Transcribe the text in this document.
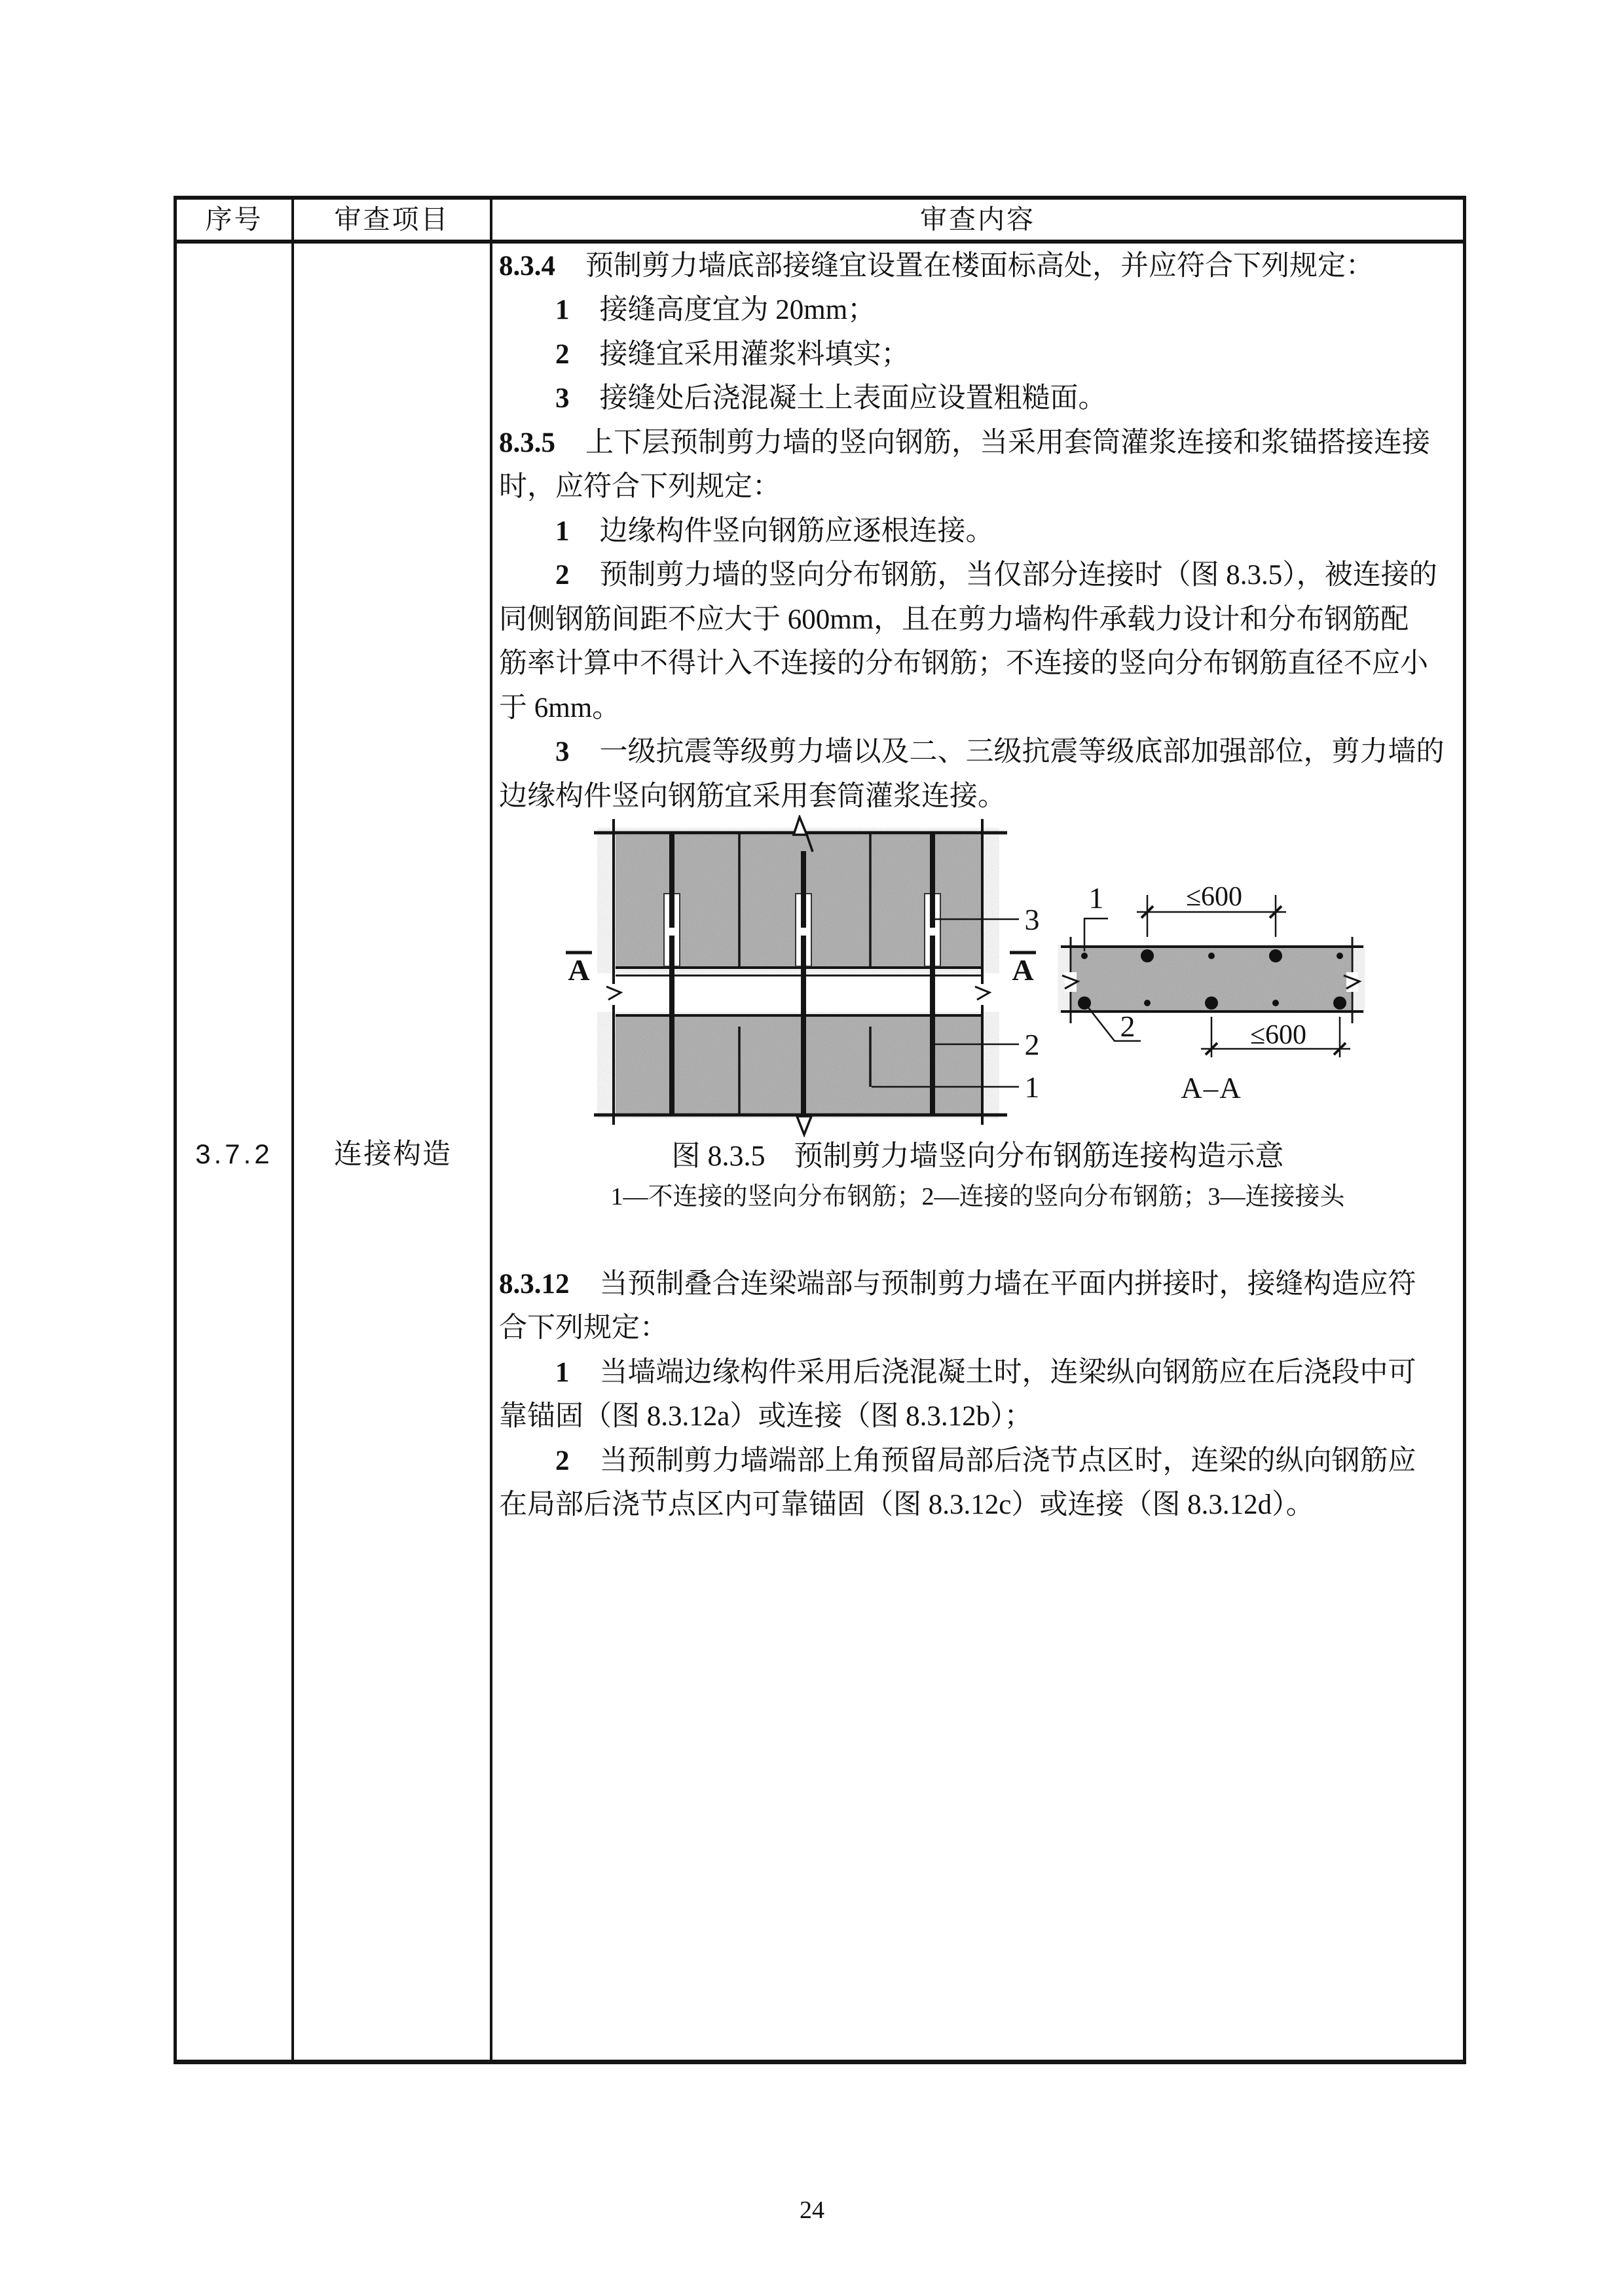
序号	审查项目	审查内容
3.7.2	连接构造
8.3.4 预制剪力墙底部接缝宜设置在楼面标高处，并应符合下列规定：
1 接缝高度宜为 20mm；
2 接缝宜采用灌浆料填实；
3 接缝处后浇混凝土上表面应设置粗糙面。
8.3.5 上下层预制剪力墙的竖向钢筋，当采用套筒灌浆连接和浆锚搭接连接
时，应符合下列规定：
1 边缘构件竖向钢筋应逐根连接。
2 预制剪力墙的竖向分布钢筋，当仅部分连接时（图 8.3.5），被连接的
同侧钢筋间距不应大于 600mm，且在剪力墙构件承载力设计和分布钢筋配
筋率计算中不得计入不连接的分布钢筋；不连接的竖向分布钢筋直径不应小
于 6mm。
3 一级抗震等级剪力墙以及二、三级抗震等级底部加强部位，剪力墙的
边缘构件竖向钢筋宜采用套筒灌浆连接。
8.3.12 当预制叠合连梁端部与预制剪力墙在平面内拼接时，接缝构造应符
合下列规定：
1 当墙端边缘构件采用后浇混凝土时，连梁纵向钢筋应在后浇段中可
靠锚固（图 8.3.12a）或连接（图 8.3.12b）；
2 当预制剪力墙端部上角预留局部后浇节点区时，连梁的纵向钢筋应
在局部后浇节点区内可靠锚固（图 8.3.12c）或连接（图 8.3.12d）。
A	A
3
2
1
≤600
≤600
1
2
A–A
图 8.3.5　预制剪力墙竖向分布钢筋连接构造示意
1—不连接的竖向分布钢筋；2—连接的竖向分布钢筋；3—连接接头
24
